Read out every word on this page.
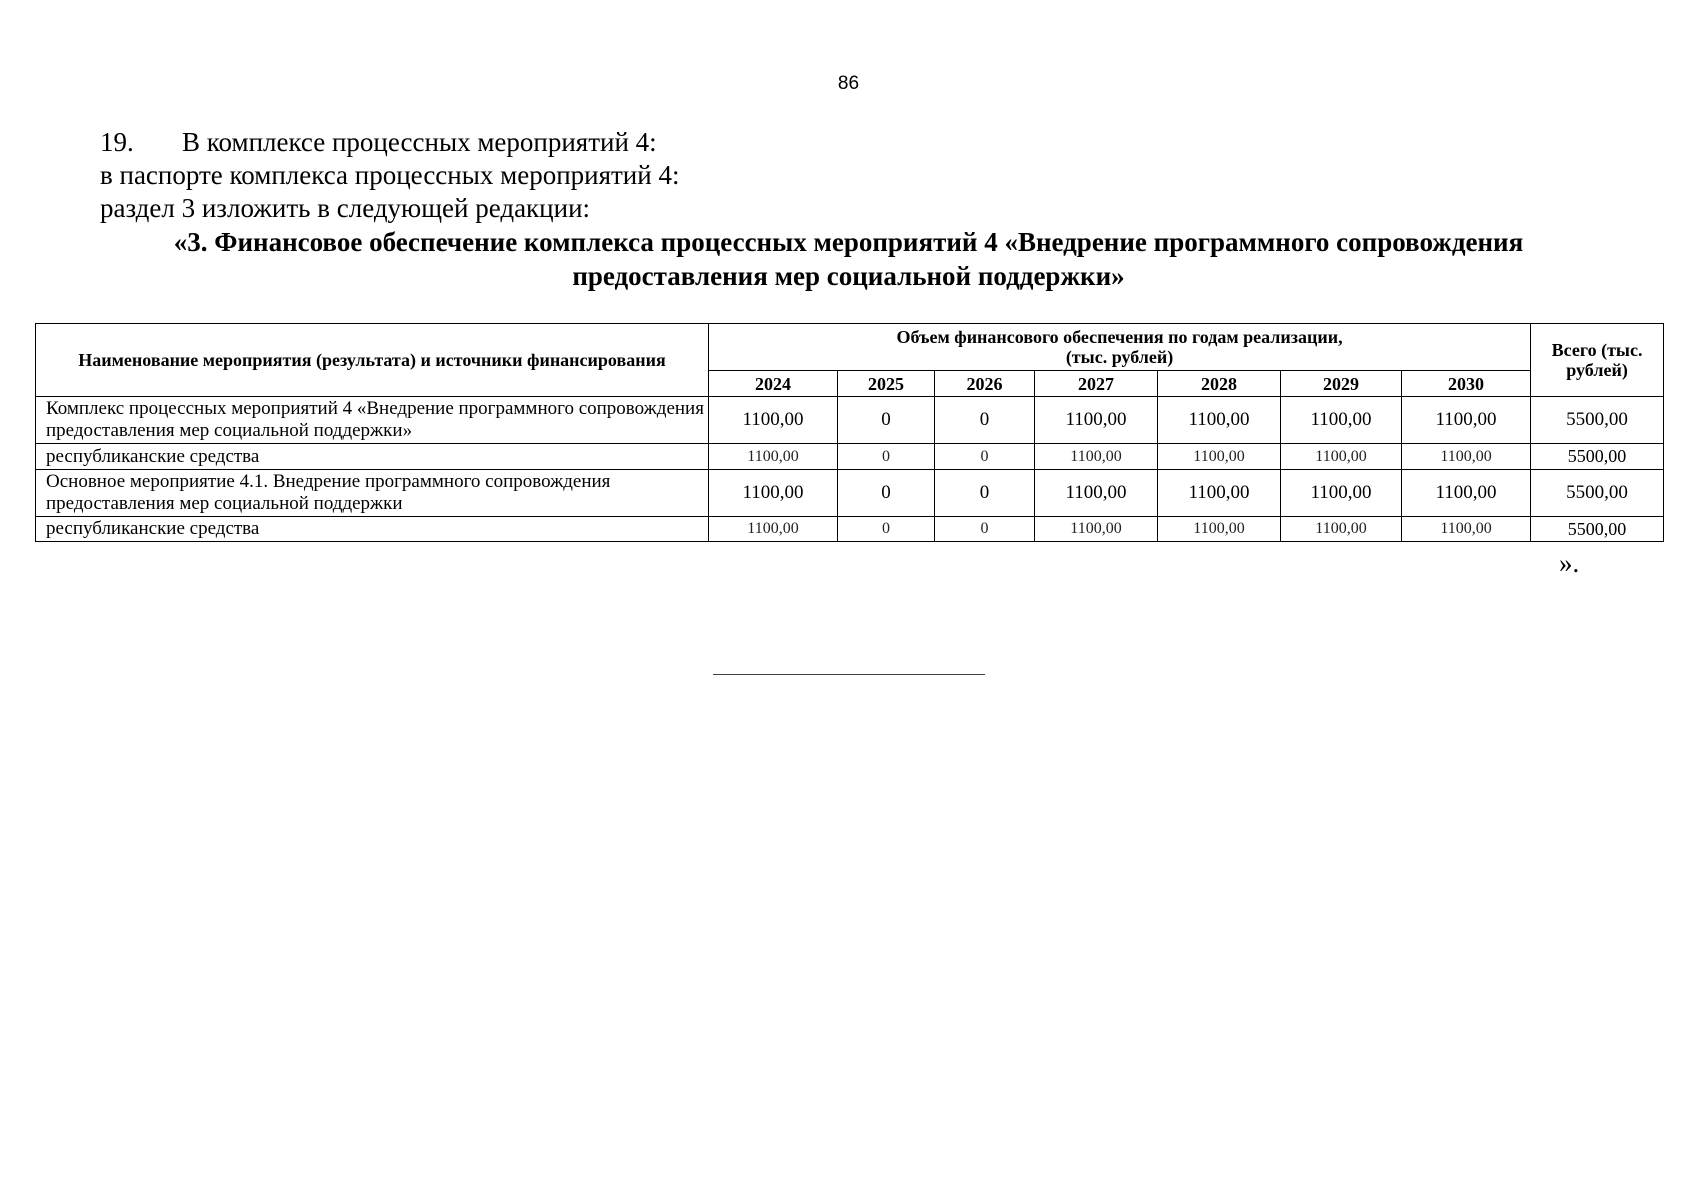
86
19. В комплексе процессных мероприятий 4:
в паспорте комплекса процессных мероприятий 4:
раздел 3 изложить в следующей редакции:
«3. Финансовое обеспечение комплекса процессных мероприятий 4 «Внедрение программного сопровождения
предоставления мер социальной поддержки»
Наименование мероприятия (результата) и источники финансирования	Объем финансового обеспечения по годам реализации,
(тыс. рублей)							Всего (тыс. рублей)
	2024	2025	2026	2027	2028	2029	2030	
Комплекс процессных мероприятий 4 «Внедрение программного сопровождения предоставления мер социальной поддержки»	1100,00	0	0	1100,00	1100,00	1100,00	1100,00	5500,00
республиканские средства	1100,00	0	0	1100,00	1100,00	1100,00	1100,00	5500,00
Основное мероприятие 4.1. Внедрение программного сопровождения предоставления мер социальной поддержки	1100,00	0	0	1100,00	1100,00	1100,00	1100,00	5500,00
республиканские средства	1100,00	0	0	1100,00	1100,00	1100,00	1100,00	5500,00
».
